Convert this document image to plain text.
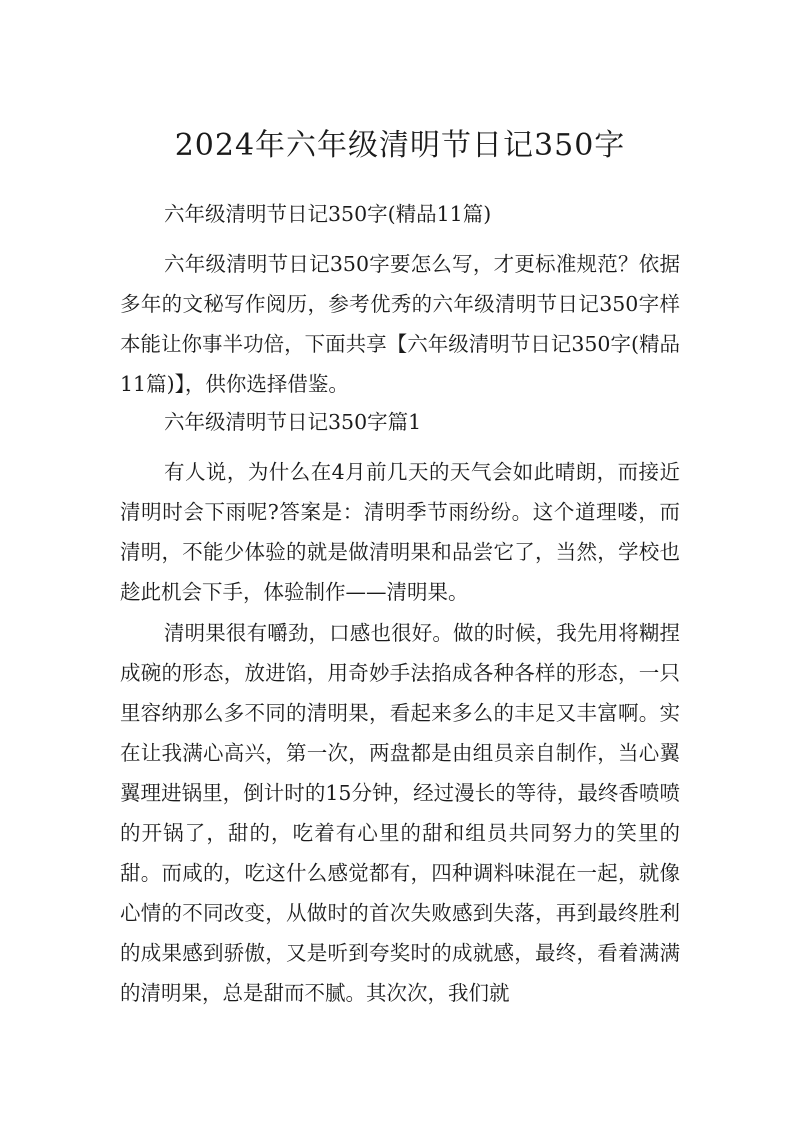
2024年六年级清明节日记350字

六年级清明节日记350字(精品11篇)

六年级清明节日记350字要怎么写，才更标准规范？依据多年的文秘写作阅历，参考优秀的六年级清明节日记350字样本能让你事半功倍，下面共享【六年级清明节日记350字(精品11篇)】，供你选择借鉴。

六年级清明节日记350字篇1

有人说，为什么在4月前几天的天气会如此晴朗，而接近清明时会下雨呢?答案是：清明季节雨纷纷。这个道理喽，而清明，不能少体验的就是做清明果和品尝它了，当然，学校也趁此机会下手，体验制作——清明果。

清明果很有嚼劲，口感也很好。做的时候，我先用将糊捏成碗的形态，放进馅，用奇妙手法掐成各种各样的形态，一只里容纳那么多不同的清明果，看起来多么的丰足又丰富啊。实在让我满心高兴，第一次，两盘都是由组员亲自制作，当心翼翼理进锅里，倒计时的15分钟，经过漫长的等待，最终香喷喷的开锅了，甜的，吃着有心里的甜和组员共同努力的笑里的甜。而咸的，吃这什么感觉都有，四种调料味混在一起，就像心情的不同改变，从做时的首次失败感到失落，再到最终胜利的成果感到骄傲，又是听到夸奖时的成就感，最终，看着满满的清明果，总是甜而不腻。其次次，我们就
